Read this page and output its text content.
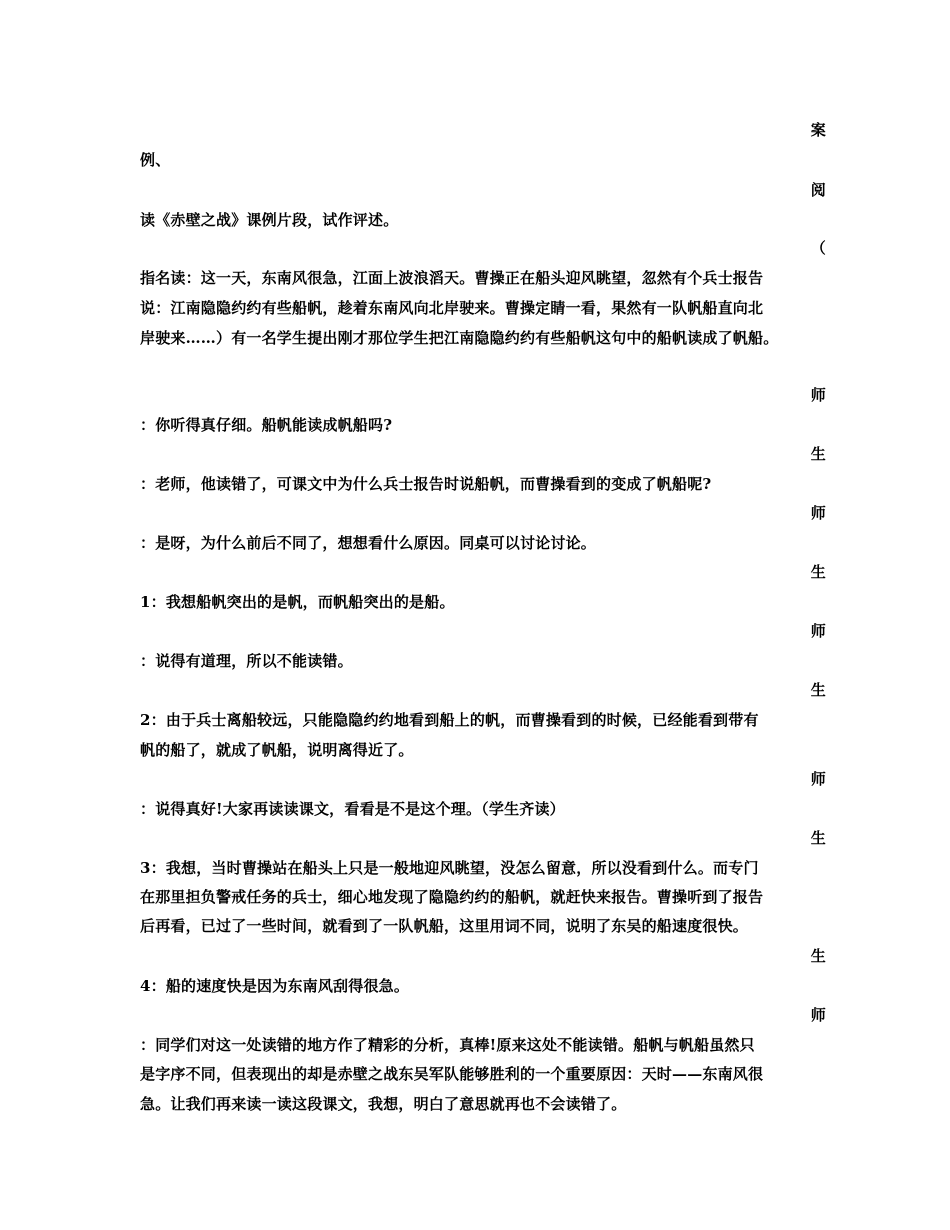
案
例、
阅
读《赤壁之战》课例片段，试作评述。
（
指名读：这一天，东南风很急，江面上波浪滔天。曹操正在船头迎风眺望，忽然有个兵士报告
说：江南隐隐约约有些船帆，趁着东南风向北岸驶来。曹操定睛一看，果然有一队帆船直向北
岸驶来……）有一名学生提出刚才那位学生把江南隐隐约约有些船帆这句中的船帆读成了帆船。
师
：你听得真仔细。船帆能读成帆船吗?
生
：老师，他读错了，可课文中为什么兵士报告时说船帆，而曹操看到的变成了帆船呢?
师
：是呀，为什么前后不同了，想想看什么原因。同桌可以讨论讨论。
生
1：我想船帆突出的是帆，而帆船突出的是船。
师
：说得有道理，所以不能读错。
生
2：由于兵士离船较远，只能隐隐约约地看到船上的帆，而曹操看到的时候，已经能看到带有
帆的船了，就成了帆船，说明离得近了。
师
：说得真好!大家再读读课文，看看是不是这个理。（学生齐读）
生
3：我想，当时曹操站在船头上只是一般地迎风眺望，没怎么留意，所以没看到什么。而专门
在那里担负警戒任务的兵士，细心地发现了隐隐约约的船帆，就赶快来报告。曹操听到了报告
后再看，已过了一些时间，就看到了一队帆船，这里用词不同，说明了东吴的船速度很快。
生
4：船的速度快是因为东南风刮得很急。
师
：同学们对这一处读错的地方作了精彩的分析，真棒!原来这处不能读错。船帆与帆船虽然只
是字序不同，但表现出的却是赤壁之战东吴军队能够胜利的一个重要原因：天时——东南风很
急。让我们再来读一读这段课文，我想，明白了意思就再也不会读错了。
